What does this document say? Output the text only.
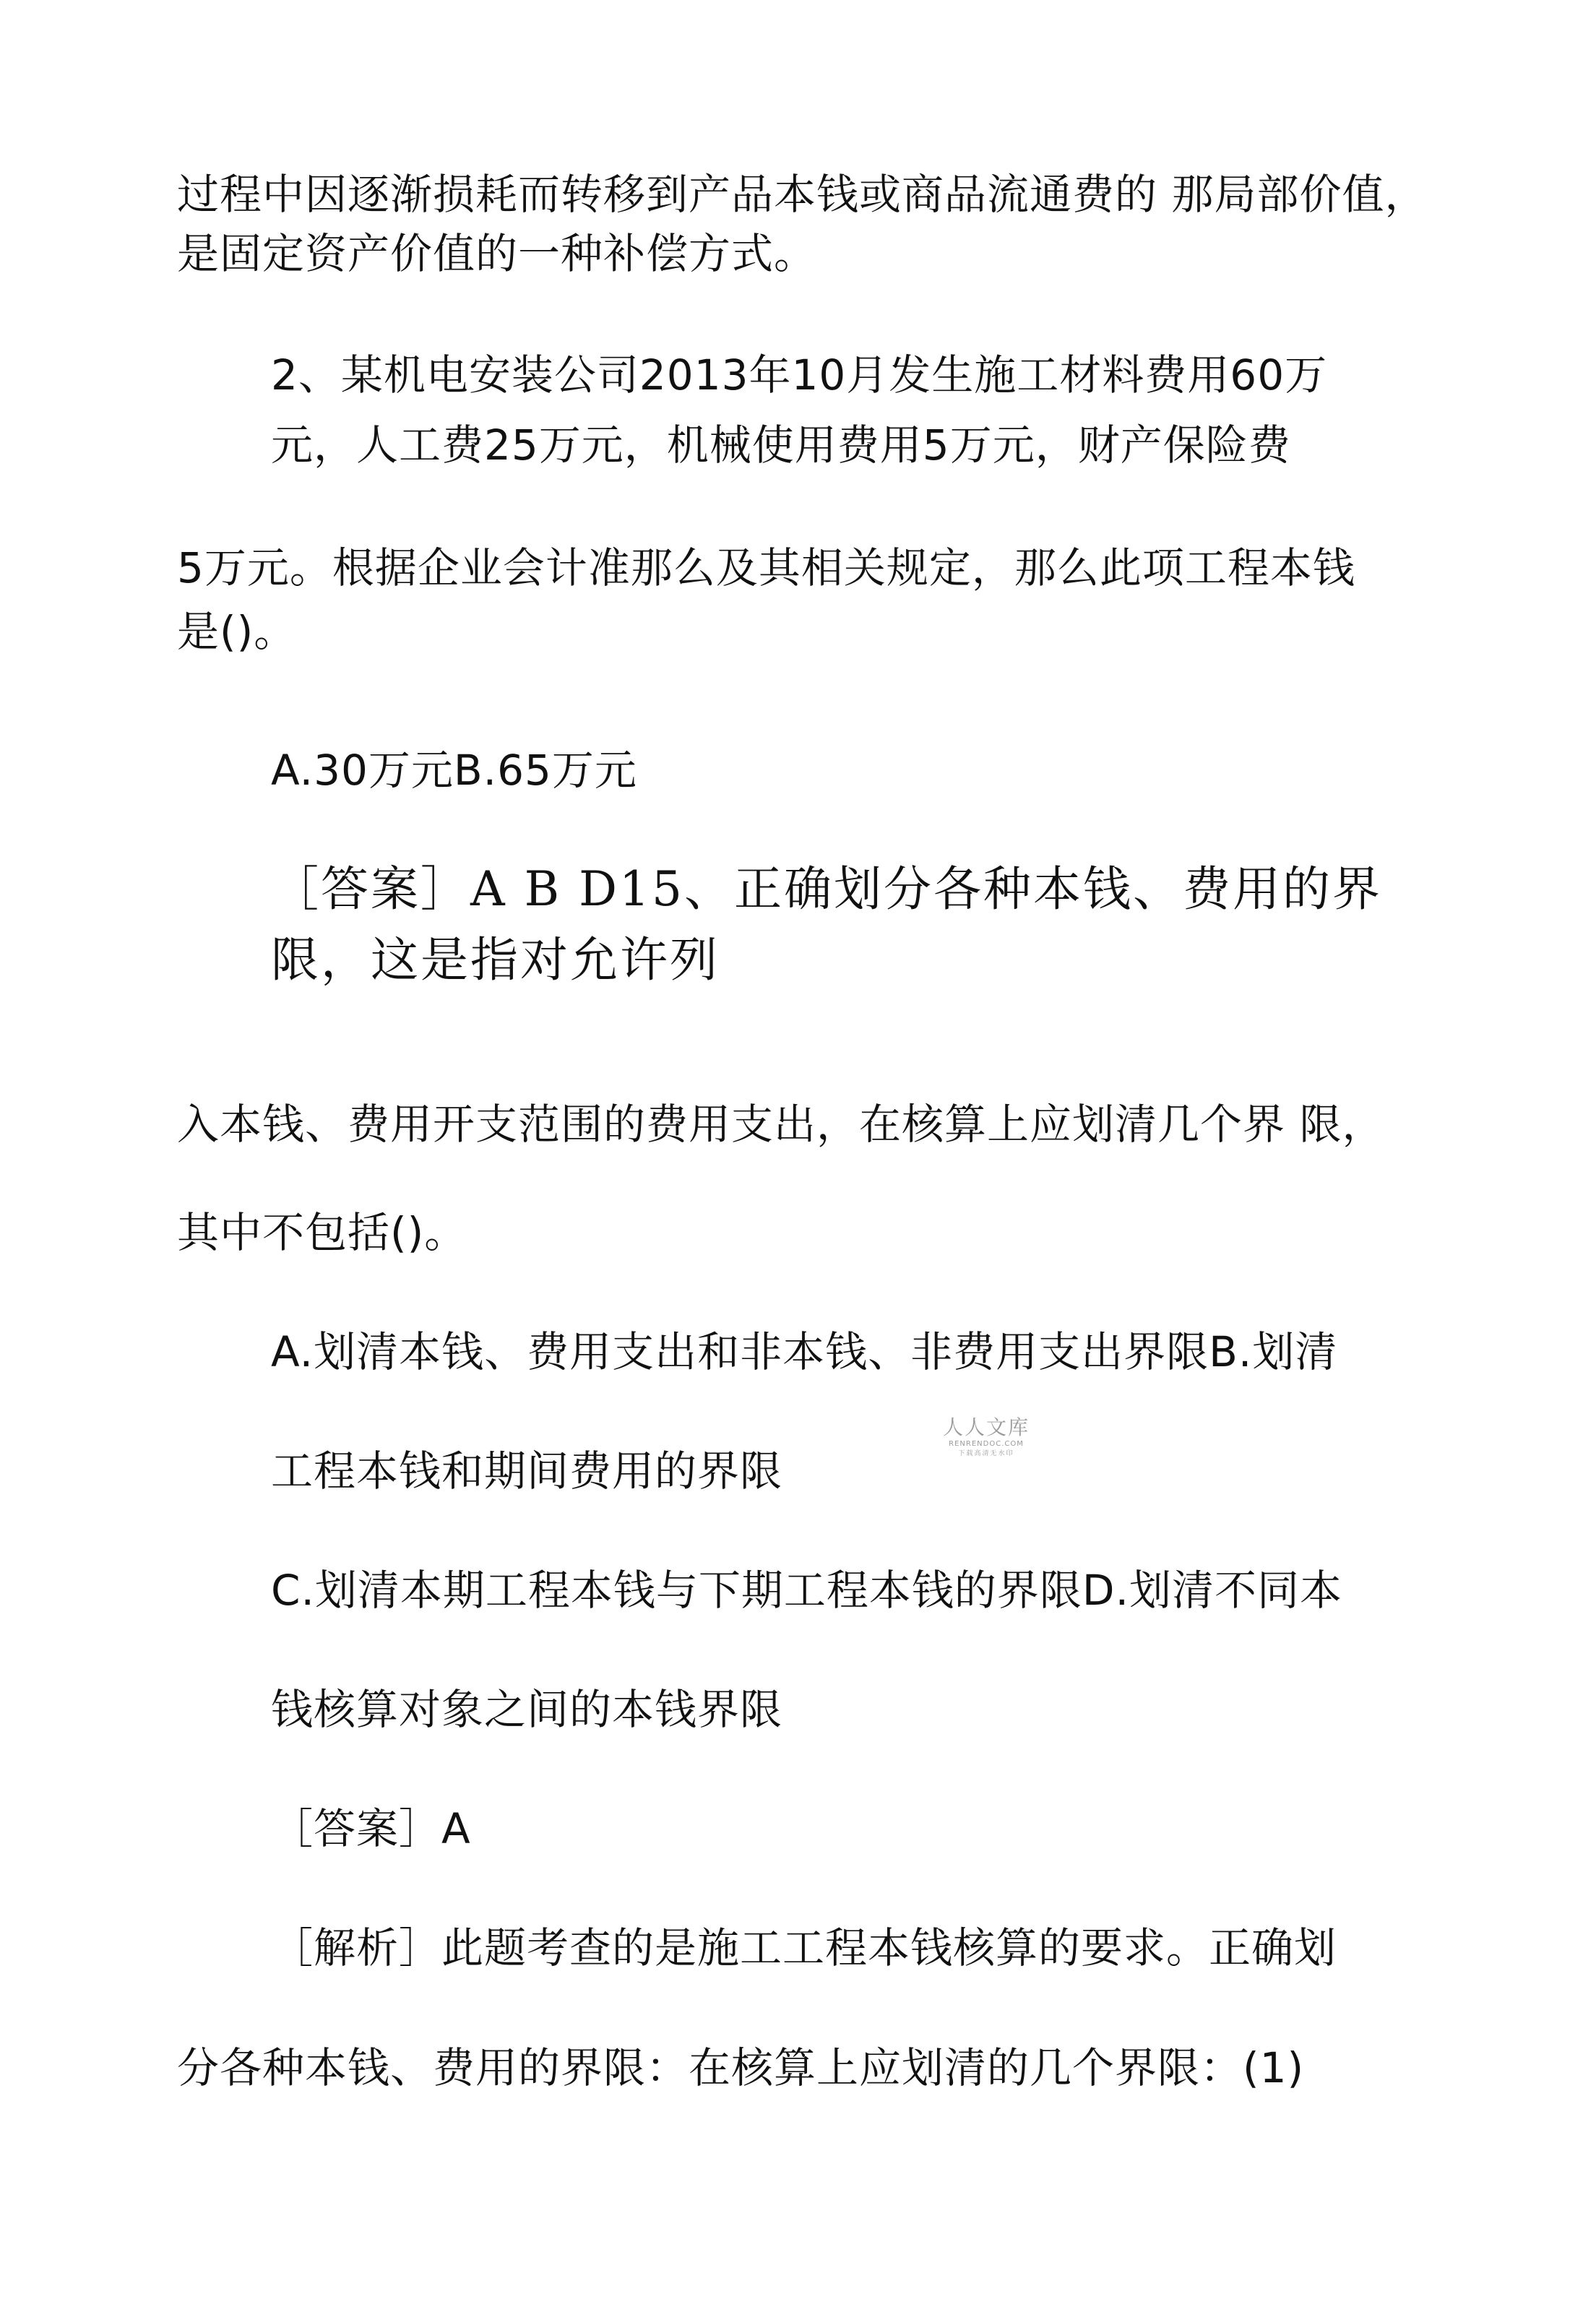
过程中因逐渐损耗而转移到产品本钱或商品流通费的 那局部价值，
是固定资产价值的一种补偿方式。
2、某机电安装公司2013年10月发生施工材料费用60万
元，人工费25万元，机械使用费用5万元，财产保险费
5万元。根据企业会计准那么及其相关规定，那么此项工程本钱
是()。
A.30万元B.65万元
［答案］A B D15、正确划分各种本钱、费用的界
限，这是指对允许列
入本钱、费用开支范围的费用支出，在核算上应划清几个界 限，
其中不包括()。
A.划清本钱、费用支出和非本钱、非费用支出界限B.划清
工程本钱和期间费用的界限
C.划清本期工程本钱与下期工程本钱的界限D.划清不同本
钱核算对象之间的本钱界限
［答案］A
［解析］此题考查的是施工工程本钱核算的要求。正确划
分各种本钱、费用的界限：在核算上应划清的几个界限：(1)
人人文库
RENRENDOC.COM
下载高清无水印
